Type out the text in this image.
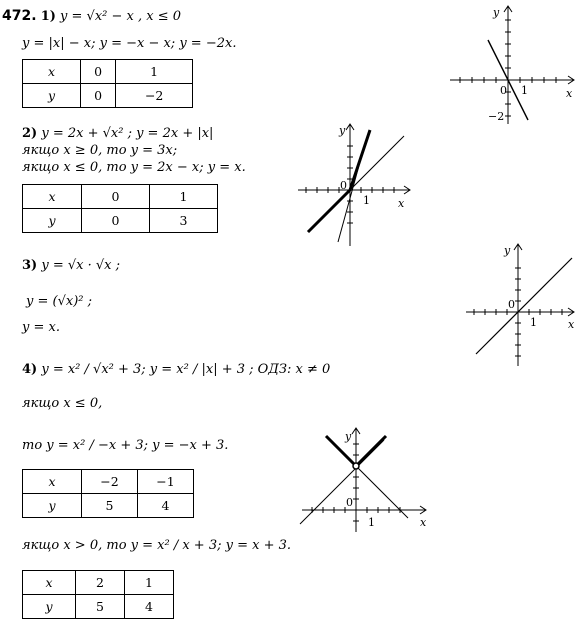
472. 1) y = √x² − x , x ≤ 0
y = |x| − x; y = −x − x; y = −2x.
x	0	1
y	0	−2
y
x
0 1
−2
2) y = 2x + √x² ; y = 2x + |x|
якщо x ≥ 0, то y = 3x;
якщо x ≤ 0, то y = 2x − x; y = x.
x	0	1
y	0	3
y
x
0
1
3) y = √x · √x ;
y = (√x)² ;
y = x.
y
x
0
1
4) y = x² / √x² + 3; y = x² / |x| + 3 ; ОДЗ: x ≠ 0
якщо x ≤ 0,
то y = x² / −x + 3; y = −x + 3.
x	−2	−1
y	5	4
якщо x > 0, то y = x² / x + 3; y = x + 3.
x	2	1
y	5	4
y
x
0
1
